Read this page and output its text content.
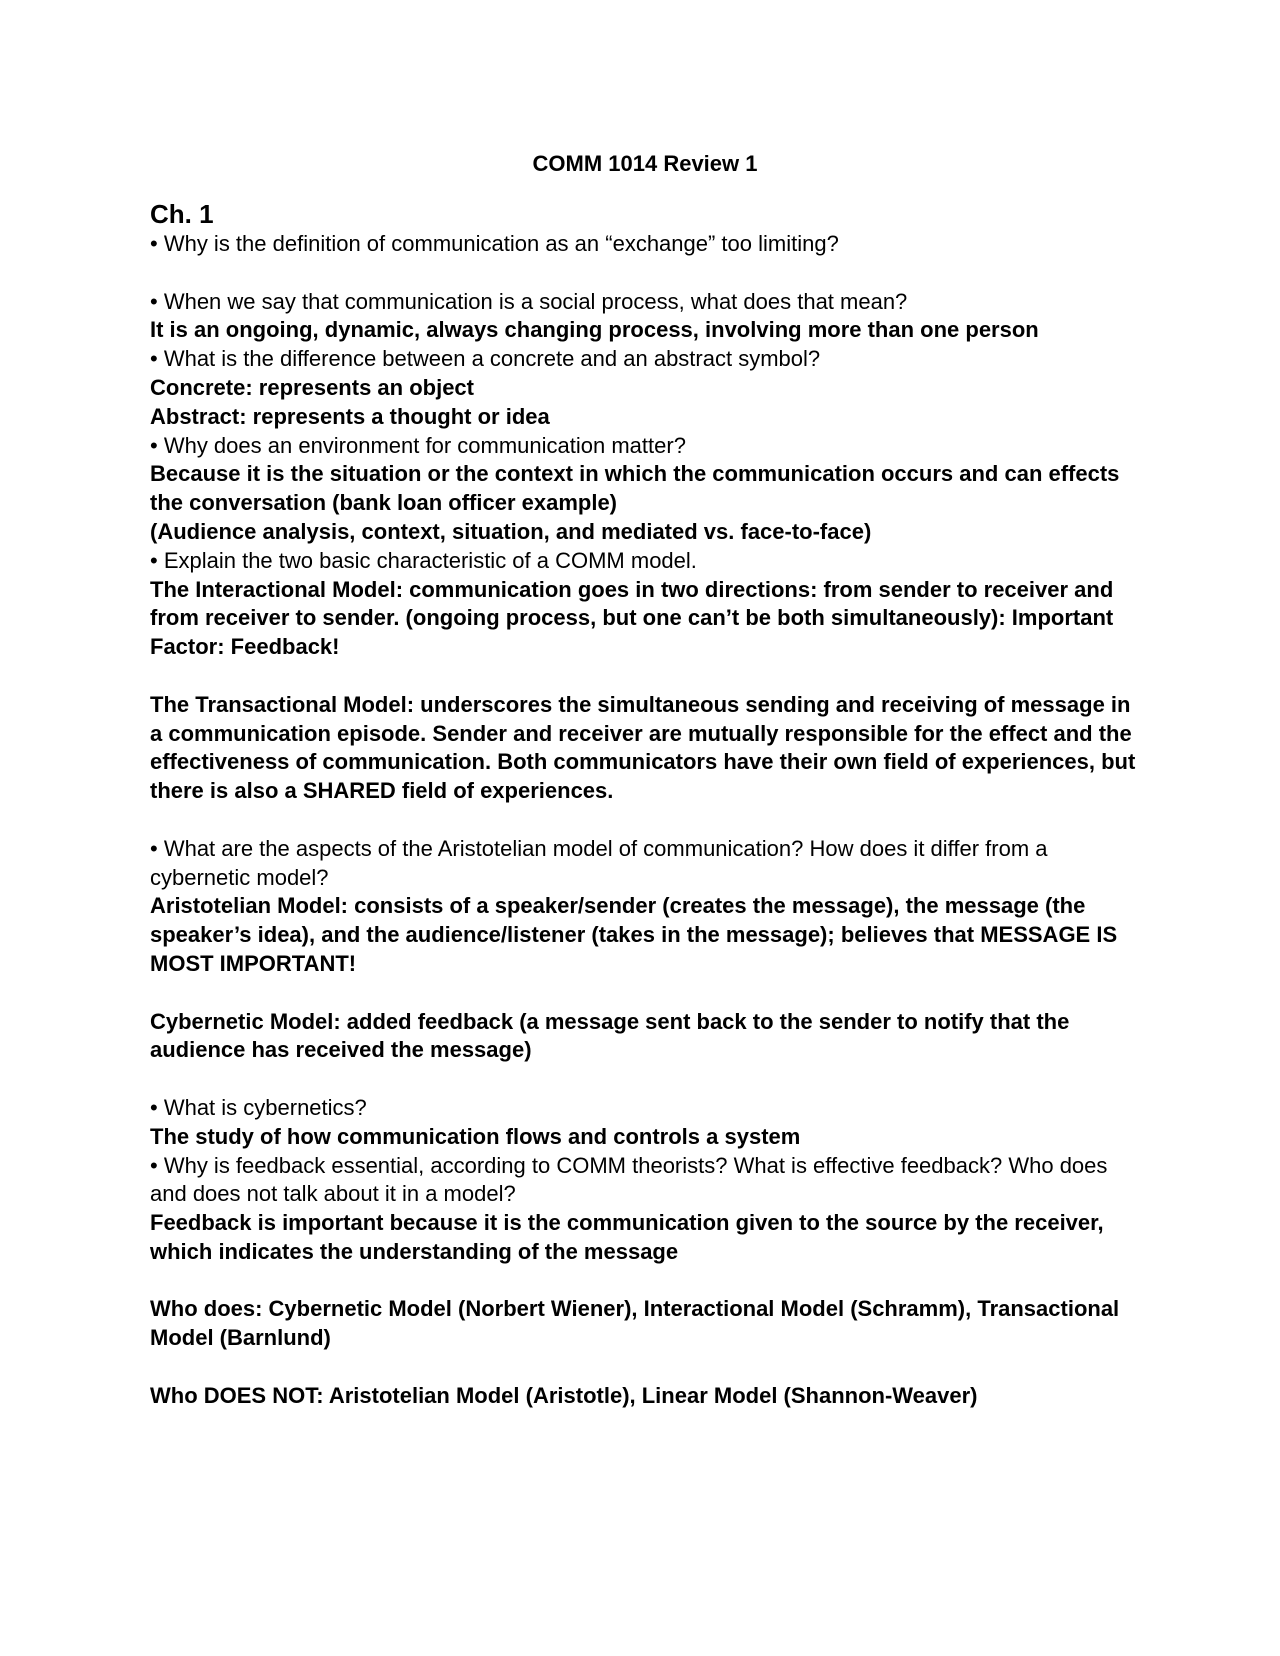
COMM 1014 Review 1
Ch. 1

• Why is the definition of communication as an “exchange” too limiting?

• When we say that communication is a social process, what does that mean?

It is an ongoing, dynamic, always changing process, involving more than one person

• What is the difference between a concrete and an abstract symbol?

Concrete: represents an object

Abstract: represents a thought or idea

• Why does an environment for communication matter?

Because it is the situation or the context in which the communication occurs and can effects the conversation (bank loan officer example)

(Audience analysis, context, situation, and mediated vs. face-to-face)

• Explain the two basic characteristic of a COMM model.

The Interactional Model: communication goes in two directions: from sender to receiver and from receiver to sender. (ongoing process, but one can’t be both simultaneously): Important Factor: Feedback!

The Transactional Model: underscores the simultaneous sending and receiving of message in a communication episode. Sender and receiver are mutually responsible for the effect and the effectiveness of communication. Both communicators have their own field of experiences, but there is also a SHARED field of experiences.

• What are the aspects of the Aristotelian model of communication? How does it differ from a cybernetic model?

Aristotelian Model: consists of a speaker/sender (creates the message), the message (the speaker’s idea), and the audience/listener (takes in the message); believes that MESSAGE IS MOST IMPORTANT!

Cybernetic Model: added feedback (a message sent back to the sender to notify that the audience has received the message)

• What is cybernetics?

The study of how communication flows and controls a system

• Why is feedback essential, according to COMM theorists? What is effective feedback? Who does and does not talk about it in a model?

Feedback is important because it is the communication given to the source by the receiver, which indicates the understanding of the message

Who does: Cybernetic Model (Norbert Wiener), Interactional Model (Schramm), Transactional Model (Barnlund)

Who DOES NOT: Aristotelian Model (Aristotle), Linear Model (Shannon-Weaver)
